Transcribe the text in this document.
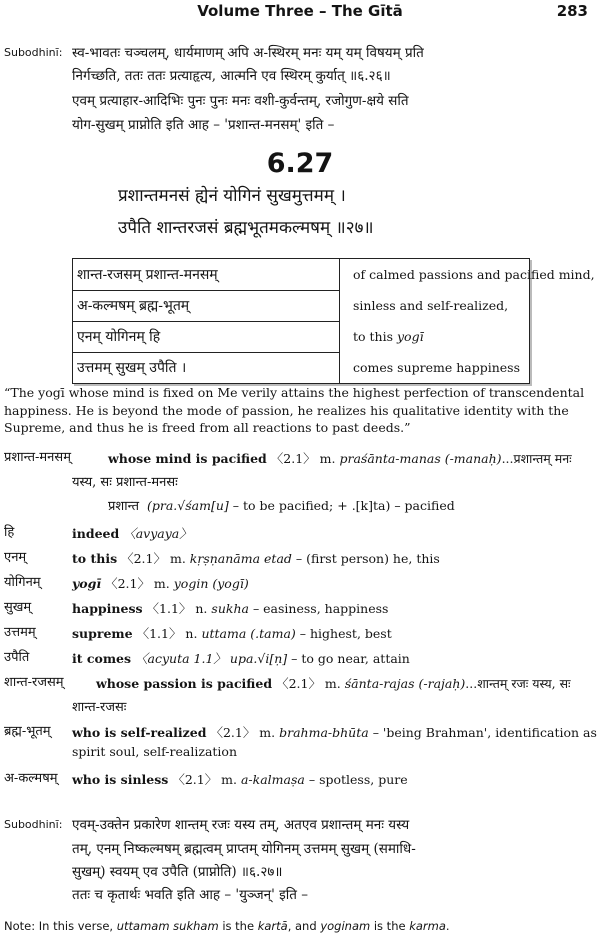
Volume Three – The Gītā	283
Subodhinī: स्व-भावतः चञ्चलम्, धार्यमाणम् अपि अ-स्थिरम् मनः यम् यम् विषयम् प्रति
निर्गच्छति, ततः ततः प्रत्याहृत्य, आत्मनि एव स्थिरम् कुर्यात् ॥६.२६॥
एवम् प्रत्याहार-आदिभिः पुनः पुनः मनः वशी-कुर्वन्तम्, रजोगुण-क्षये सति
योग-सुखम् प्राप्नोति इति आह – 'प्रशान्त-मनसम्' इति –
6.27
प्रशान्तमनसं ह्येनं योगिनं सुखमुत्तमम् ।
उपैति शान्तरजसं ब्रह्मभूतमकल्मषम् ॥२७॥
शान्त-रजसम् प्रशान्त-मनसम्	of calmed passions and pacified mind,
अ-कल्मषम् ब्रह्म-भूतम्	sinless and self-realized,
एनम् योगिनम् हि	to this yogī
उत्तमम् सुखम् उपैति ।	comes supreme happiness

“The yogī whose mind is fixed on Me verily attains the highest perfection of transcendental

happiness. He is beyond the mode of passion, he realizes his qualitative identity with the

Supreme, and thus he is freed from all reactions to past deeds.”

प्रशान्त-मनसम्	whose mind is pacified 〈2.1〉 m. praśānta-manas (-manaḥ)...प्रशान्तम् मनः
यस्य, सः प्रशान्त-मनसः
प्रशान्त (pra.√śam[u] – to be pacified; + .[k]ta) – pacified
हि	indeed 〈avyaya〉
एनम्	to this 〈2.1〉 m. kṛṣṇanāma etad – (first person) he, this
योगिनम्	yogī 〈2.1〉 m. yogin (yogī)
सुखम्	happiness 〈1.1〉 n. sukha – easiness, happiness
उत्तमम्	supreme 〈1.1〉 n. uttama (.tama) – highest, best
उपैति	it comes 〈acyuta 1.1〉 upa.√i[ṇ] – to go near, attain
शान्त-रजसम्	whose passion is pacified 〈2.1〉 m. śānta-rajas (-rajaḥ)...शान्तम् रजः यस्य, सः
शान्त-रजसः
ब्रह्म-भूतम् who is self-realized 〈2.1〉 m. brahma-bhūta – 'being Brahman', identification as
spirit soul, self-realization
अ-कल्मषम् who is sinless 〈2.1〉 m. a-kalmaṣa – spotless, pure
Subodhinī: एवम्-उक्तेन प्रकारेण शान्तम् रजः यस्य तम्, अतएव प्रशान्तम् मनः यस्य
तम्, एनम् निष्कल्मषम् ब्रह्मत्वम् प्राप्तम् योगिनम् उत्तमम् सुखम् (समाधि-
सुखम्) स्वयम् एव उपैति (प्राप्नोति) ॥६.२७॥
ततः च कृतार्थः भवति इति आह – 'युञ्जन्' इति –
Note: In this verse, uttamam sukham is the kartā, and yoginam is the karma.
